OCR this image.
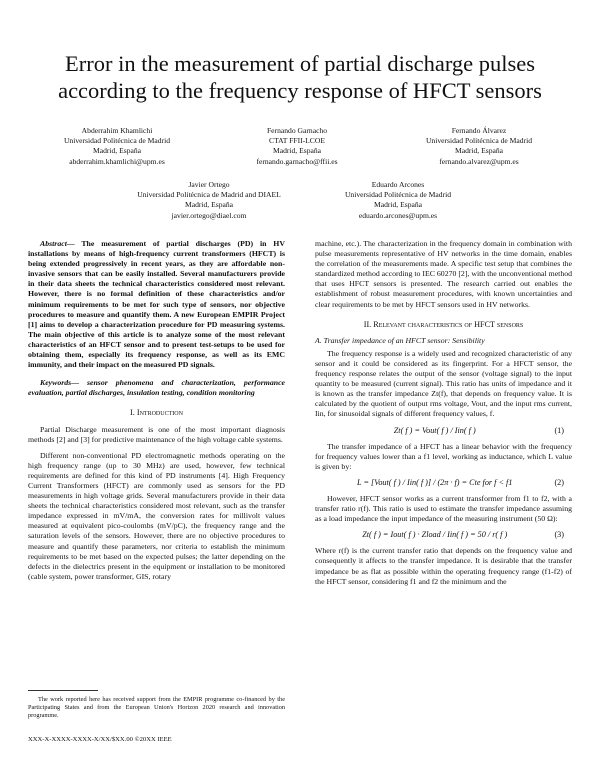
Error in the measurement of partial discharge pulses according to the frequency response of HFCT sensors
Abderrahim Khamlichi
Universidad Politécnica de Madrid
Madrid, España
abderrahim.khamlichi@upm.es
Fernando Garnacho
CTAT FFII-LCOE
Madrid, España
fernando.garnacho@ffii.es
Fernando Álvarez
Universidad Politécnica de Madrid
Madrid, España
fernando.alvarez@upm.es
Javier Ortego
Universidad Politécnica de Madrid and DIAEL
Madrid, España
javier.ortego@diael.com
Eduardo Arcones
Universidad Politécnica de Madrid
Madrid, España
eduardo.arcones@upm.es

Abstract— The measurement of partial discharges (PD) in HV installations by means of high-frequency current transformers (HFCT) is being extended progressively in recent years, as they are affordable non-invasive sensors that can be easily installed. Several manufacturers provide in their data sheets the technical characteristics considered most relevant. However, there is no formal definition of these characteristics and/or minimum requirements to be met for such type of sensors, nor objective procedures to measure and quantify them. A new European EMPIR Project [1] aims to develop a characterization procedure for PD measuring systems. The main objective of this article is to analyze some of the most relevant characteristics of an HFCT sensor and to present test-setups to be used for obtaining them, especially its frequency response, as well as its EMC immunity, and their impact on the measured PD signals.

Keywords— sensor phenomena and characterization, performance evaluation, partial discharges, insulation testing, condition monitoring

I. Introduction

Partial Discharge measurement is one of the most important diagnosis methods [2] and [3] for predictive maintenance of the high voltage cable systems.

Different non-conventional PD electromagnetic methods operating on the high frequency range (up to 30 MHz) are used, however, few technical requirements are defined for this kind of PD instruments [4]. High Frequency Current Transformers (HFCT) are commonly used as sensors for the PD measurements in high voltage grids. Several manufacturers provide in their data sheets the technical characteristics considered most relevant, such as the transfer impedance expressed in mV/mA, the conversion rates for millivolt values measured at equivalent pico-coulombs (mV/pC), the frequency range and the saturation levels of the sensors. However, there are no objective procedures to measure and quantify these parameters, nor criteria to establish the minimum requirements to be met based on the expected pulses; the latter depending on the defects in the dielectrics present in the equipment or installation to be monitored (cable system, power transformer, GIS, rotary

machine, etc.). The characterization in the frequency domain in combination with pulse measurements representative of HV networks in the time domain, enables the correlation of the measurements made. A specific test setup that combines the standardized method according to IEC 60270 [2], with the unconventional method that uses HFCT sensors is presented. The research carried out enables the establishment of robust measurement procedures, with known uncertainties and clear requirements to be met by HFCT sensors used in HV networks.

II. Relevant characteristics of HFCT sensors

A. Transfer impedance of an HFCT sensor: Sensibility

The frequency response is a widely used and recognized characteristic of any sensor and it could be considered as its fingerprint. For a HFCT sensor, the frequency response relates the output of the sensor (voltage signal) to the input quantity to be measured (current signal). This ratio has units of impedance and it is known as the transfer impedance Zt(f), that depends on frequency value. It is calculated by the quotient of output rms voltage, Vout, and the input rms current, Iin, for sinusoidal signals of different frequency values, f.

Zt( f ) = Vout( f ) / Iin( f )	(1)

The transfer impedance of a HFCT has a linear behavior with the frequency for frequency values lower than a f1 level, working as inductance, which L value is given by:

L = [Vout( f ) / Iin( f )] / (2π · f) = Cte for f < f1	(2)

However, HFCT sensor works as a current transformer from f1 to f2, with a transfer ratio r(f). This ratio is used to estimate the transfer impedance assuming as a load impedance the input impedance of the measuring instrument (50 Ω):

Zt( f ) = Iout( f ) · Zload / Iin( f ) = 50 / r( f )	(3)

Where r(f) is the current transfer ratio that depends on the frequency value and consequently it affects to the transfer impedance. It is desirable that the transfer impedance be as flat as possible within the operating frequency range (f1-f2) of the HFCT sensor, considering f1 and f2 the minimum and the

The work reported here has received support from the EMPIR programme co-financed by the Participating States and from the European Union's Horizon 2020 research and innovation programme.
XXX-X-XXXX-XXXX-X/XX/$XX.00 ©20XX IEEE
